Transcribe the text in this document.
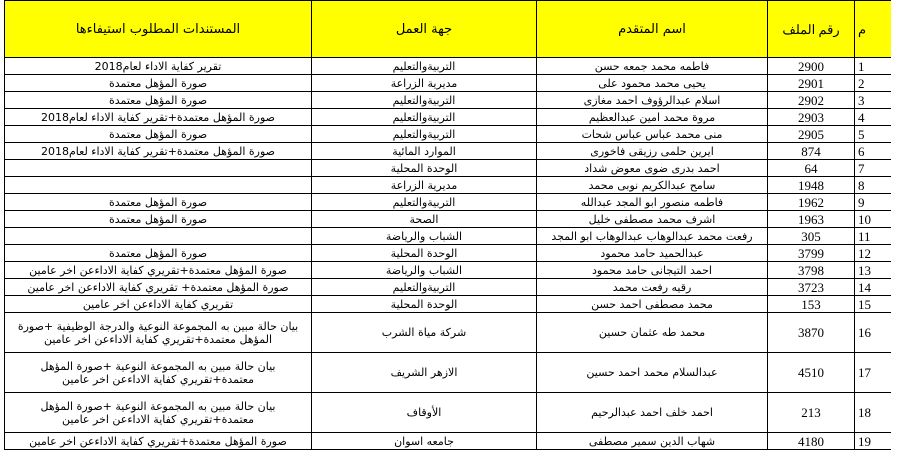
المستندات المطلوب استيفاءها	جهة العمل	اسم المتقدم	رقم الملف	م
تقرير كفاية الاداء لعام2018	التربيةوالتعليم	فاطمه محمد جمعه حسن	2900	1
صورة المؤهل معتمدة	مديرية الزراعة	يحيى محمد محمود على	2901	2
صورة المؤهل معتمدة	التربيةوالتعليم	اسلام عبدالرؤوف احمد مغازى	2902	3
صورة المؤهل معتمدة+تقرير كفاية الاداء لعام2018	التربيةوالتعليم	مروة محمد امين عبدالعظيم	2903	4
صورة المؤهل معتمدة	التربيةوالتعليم	منى محمد عباس عباس شحات	2905	5
صورة المؤهل معتمدة+تقرير كفاية الاداء لعام2018	الموارد المائية	ايرين حلمى رزيقى فاخورى	874	6
	الوحدة المحلية	احمد بدرى ضوى معوض شداد	64	7
	مديرية الزراعة	سامح عبدالكريم نوبى محمد	1948	8
صورة المؤهل معتمدة	التربيةوالتعليم	فاطمه منصور ابو المجد عبدالله	1962	9
صورة المؤهل معتمدة	الصحة	اشرف محمد مصطفى خليل	1963	10
	الشباب والرياضة	رفعت محمد عبدالوهاب عبدالوهاب ابو المجد	305	11
صورة المؤهل معتمدة	الوحدة المحلية	عبدالحميد حامد محمود	3799	12
صورة المؤهل معتمدة+تقريري كفاية الاداءعن اخر عامين	الشباب والرياضة	احمد التيجانى حامد محمود	3798	13
صورة المؤهل معتمدة+ تقريري كفاية الاداءعن اخر عامين	التربيةوالتعليم	رقيه رفعت محمد	3723	14
تقريري كفاية الاداءعن اخر عامين	الوحدة المحلية	محمد مصطفى احمد حسن	153	15
بيان حالة مبين به المجموعة النوعية والدرجة الوظيفية +صورة المؤهل معتمدة+تقريري كفاية الاداءعن اخر عامين	شركة مياة الشرب	محمد طه عثمان حسين	3870	16
بيان حالة مبين به المجموعة النوعية +صورة المؤهل معتمدة+تقريري كفاية الاداءعن اخر عامين	الازهر الشريف	عبدالسلام محمد احمد حسين	4510	17
بيان حالة مبين به المجموعة النوعية +صورة المؤهل معتمدة+تقريري كفاية الاداءعن اخر عامين	الأوقاف	احمد خلف احمد عبدالرحيم	213	18
صورة المؤهل معتمدة+تقريري كفاية الاداءعن اخر عامين	جامعه اسوان	شهاب الدين سمير مصطفى	4180	19
